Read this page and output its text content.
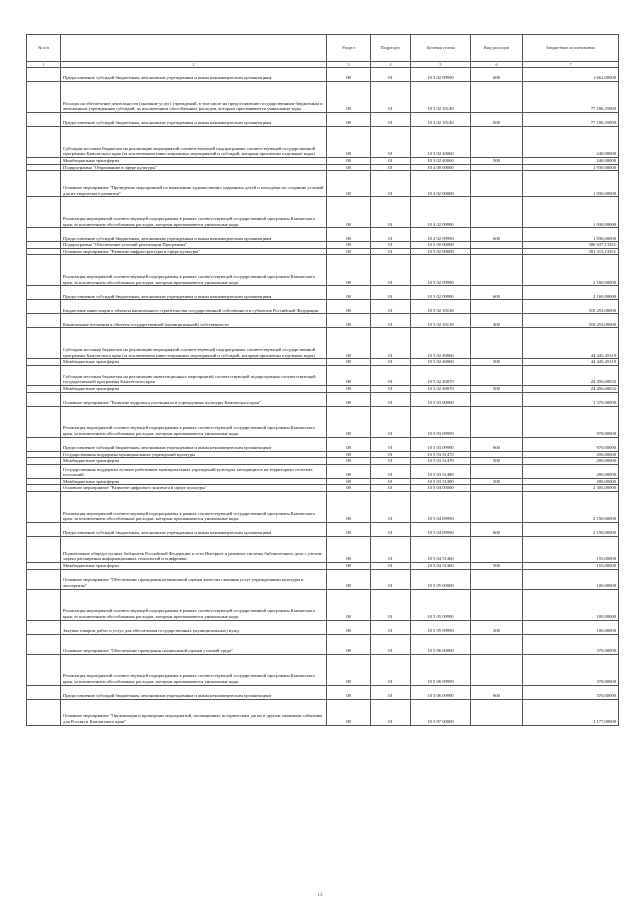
№ п/п		Раздел	Подраздел	Целевая статья	Вид расходов	Бюджетные ассигнования
1	2	3	4	5	6	7
	Предоставление субсидий бюджетным, автономным учреждениям и иным некоммерческим организациям	08	01	10 3 02 09990	600	1 662,00000
	Расходы на обеспечение деятельности (оказание услуг) учреждений, в том числе на предоставление государственным бюджетным и автономным учреждениям субсидий, за исключением обособленных расходов, которым присваиваются уникальные коды	08	01	10 3 02 10140		77 186,35000
	Предоставление субсидий бюджетным, автономным учреждениям и иным некоммерческим организациям	08	01	10 3 02 10140	600	77 186,35000
	Субсидии местным бюджетам на реализацию мероприятий соответствующей подпрограммы соответствующей государственной программы Камчатского края (за исключением инвестиционных мероприятий и субсидий, которым присвоены отдельные коды)	08	01	10 3 02 40060		240,00000
	Межбюджетные трансферты	08	01	10 3 02 40060	500	240,00000
	Подпрограмма "Образование в сфере культуры"	08	01	10 4 00 00000		1 930,00000
	Основное мероприятие "Проведение мероприятий по выявлению художественно одаренных детей и молодежи по созданию условий для их творческого развития"	08	01	10 4 02 00000		1 930,00000
	Реализация мероприятий соответствующей подпрограммы в рамках соответствующей государственной программы Камчатского края, за исключением обособленных расходов, которым присваиваются уникальные коды	08	01	10 4 02 09990		1 930,00000
	Предоставление субсидий бюджетным, автономным учреждениям и иным некоммерческим организациям	08	01	10 4 02 09990	600	1 930,00000
	Подпрограмма "Обеспечение условий реализации Программы"	08	01	10 5 00 00000		386 637,13351
	Основное мероприятие "Развитие инфраструктуры в сфере культуры"	08	01	10 5 02 00000		381 315,13351
	Реализация мероприятий соответствующей подпрограммы в рамках соответствующей государственной программы Камчатского края, за исключением обособленных расходов, которым присваиваются уникальные коды	08	01	10 5 02 09990		2 160,00000
	Предоставление субсидий бюджетным, автономным учреждениям и иным некоммерческим организациям	08	01	10 5 02 09990	600	2 160,00000
	Бюджетные инвестиции в объекты капитального строительства государственной собственности субъектов Российской Федерации	08	01	10 5 02 10130		310 253,00000
	Капитальные вложения в объекты государственной (муниципальной) собственности	08	01	10 5 02 10130	400	310 253,00000
	Субсидии местным бюджетам на реализацию мероприятий соответствующей подпрограммы соответствующей государственной программы Камчатского края (за исключением инвестиционных мероприятий и субсидий, которым присвоены отдельные коды)	08	01	10 5 02 40060		44 445,45319
	Межбюджетные трансферты	08	01	10 5 02 40060	500	44 445,45319
	Субсидии местным бюджетам на реализацию инвестиционных мероприятий соответствующей подпрограммы соответствующей государственной программы Камчатского края	08	01	10 5 02 40070		24 456,68032
	Межбюджетные трансферты	08	01	10 5 02 40070	500	24 456,68032
	Основное мероприятие "Развитие кадрового потенциала в учреждениях культуры Камчатского края"	08	01	10 5 03 00000		1 370,00000
	Реализация мероприятий соответствующей подпрограммы в рамках соответствующей государственной программы Камчатского края, за исключением обособленных расходов, которым присваиваются уникальные коды	08	01	10 5 03 09990		970,00000
	Предоставление субсидий бюджетным, автономным учреждениям и иным некоммерческим организациям	08	01	10 5 03 09990	600	970,00000
	Государственная поддержка муниципальных учреждений культуры	08	01	10 5 03 51470		200,00000
	Межбюджетные трансферты	08	01	10 5 03 51470	500	200,00000
	Государственная поддержка лучших работников муниципальных учреждений культуры, находящихся на территориях сельских поселений	08	01	10 5 03 51480		200,00000
	Межбюджетные трансферты	08	01	10 5 03 51480	500	200,00000
	Основное мероприятие "Развитие цифрового контента в сфере культуры"	08	01	10 5 04 00000		2 305,00000
	Реализация мероприятий соответствующей подпрограммы в рамках соответствующей государственной программы Камчатского края, за исключением обособленных расходов, которым присваиваются уникальные коды	08	01	10 5 04 09990		2 150,00000
	Предоставление субсидий бюджетным, автономным учреждениям и иным некоммерческим организациям	08	01	10 5 04 09990	600	2 150,00000
	Подключение общедоступных библиотек Российской Федерации к сети Интернет и развитие системы библиотечного дела с учетом задачи расширения информационных технологий и оцифровки	08	01	10 5 04 51460		155,00000
	Межбюджетные трансферты	08	01	10 5 04 51460	500	155,00000
	Основное мероприятие "Обеспечение проведения независимой оценки качества оказания услуг учреждениями культуры и экспертизы"	08	01	10 5 05 00000		100,00000
	Реализация мероприятий соответствующей подпрограммы в рамках соответствующей государственной программы Камчатского края, за исключением обособленных расходов, которым присваиваются уникальные коды	08	01	10 5 05 09990		100,00000
	Закупка товаров, работ и услуг для обеспечения государственных (муниципальных) нужд	08	01	10 5 05 09990	200	100,00000
	Основное мероприятие "Обеспечение проведения специальной оценки условий труда"	08	01	10 5 06 00000		370,00000
	Реализация мероприятий соответствующей подпрограммы в рамках соответствующей государственной программы Камчатского края, за исключением обособленных расходов, которым присваиваются уникальные коды	08	01	10 5 06 09990		370,00000
	Предоставление субсидий бюджетным, автономным учреждениям и иным некоммерческим организациям	08	01	10 5 06 09990	600	370,00000
	Основное мероприятие "Организация и проведение мероприятий, посвященных историческим датам и другим значимым событиям для России и Камчатского края"	08	01	10 5 07 00000		1 177,00000
13
